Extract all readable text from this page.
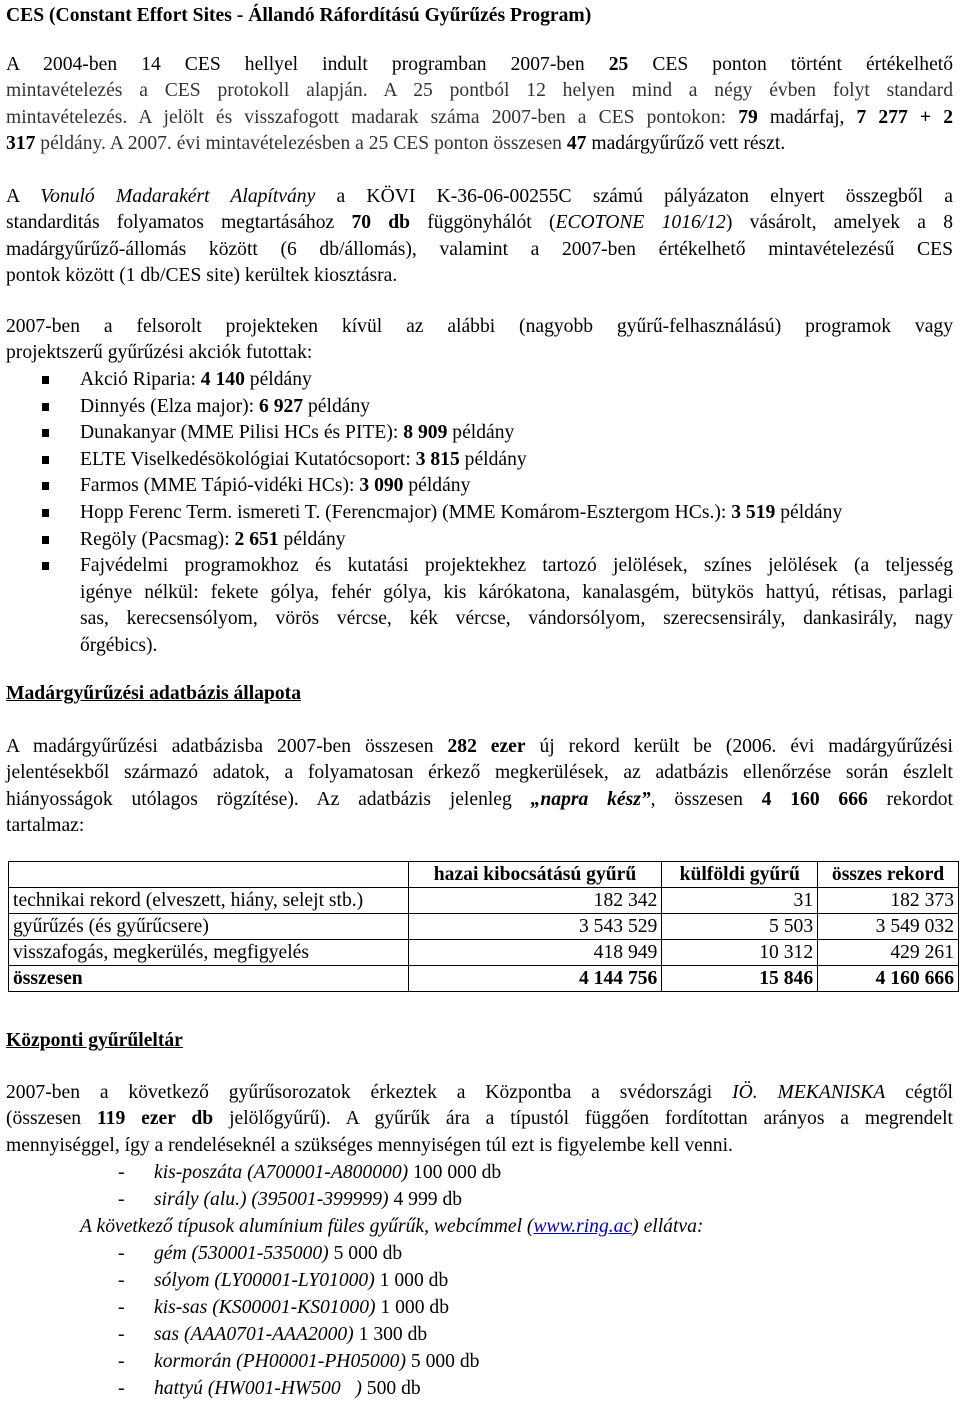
CES (Constant Effort Sites - Állandó Ráfordítású Gyűrűzés Program)
A 2004-ben 14 CES hellyel indult programban 2007-ben 25 CES ponton történt értékelhető
mintavételezés a CES protokoll alapján. A 25 pontból 12 helyen mind a négy évben folyt standard
mintavételezés. A jelölt és visszafogott madarak száma 2007-ben a CES pontokon: 79 madárfaj, 7 277 + 2
317 példány. A 2007. évi mintavételezésben a 25 CES ponton összesen 47 madárgyűrűző vett részt.
A Vonuló Madarakért Alapítvány a KÖVI K-36-06-00255C számú pályázaton elnyert összegből a
standarditás folyamatos megtartásához 70 db függönyhálót (ECOTONE 1016/12) vásárolt, amelyek a 8
madárgyűrűző-állomás között (6 db/állomás), valamint a 2007-ben értékelhető mintavételezésű CES
pontok között (1 db/CES site) kerültek kiosztásra.
2007-ben a felsorolt projekteken kívül az alábbi (nagyobb gyűrű-felhasználású) programok vagy
projektszerű gyűrűzési akciók futottak:
Akció Riparia: 4 140 példány
Dinnyés (Elza major): 6 927 példány
Dunakanyar (MME Pilisi HCs és PITE): 8 909 példány
ELTE Viselkedésökológiai Kutatócsoport: 3 815 példány
Farmos (MME Tápió-vidéki HCs): 3 090 példány
Hopp Ferenc Term. ismereti T. (Ferencmajor) (MME Komárom-Esztergom HCs.): 3 519 példány
Regöly (Pacsmag): 2 651 példány
Fajvédelmi programokhoz és kutatási projektekhez tartozó jelölések, színes jelölések (a teljesség
igénye nélkül: fekete gólya, fehér gólya, kis kárókatona, kanalasgém, bütykös hattyú, rétisas, parlagi
sas, kerecsensólyom, vörös vércse, kék vércse, vándorsólyom, szerecsensirály, dankasirály, nagy
őrgébics).
Madárgyűrűzési adatbázis állapota
A madárgyűrűzési adatbázisba 2007-ben összesen 282 ezer új rekord került be (2006. évi madárgyűrűzési
jelentésekből származó adatok, a folyamatosan érkező megkerülések, az adatbázis ellenőrzése során észlelt
hiányosságok utólagos rögzítése). Az adatbázis jelenleg „napra kész”, összesen 4 160 666 rekordot
tartalmaz:
	hazai kibocsátású gyűrű	külföldi gyűrű	összes rekord
technikai rekord (elveszett, hiány, selejt stb.)	182 342	31	182 373
gyűrűzés (és gyűrűcsere)	3 543 529	5 503	3 549 032
visszafogás, megkerülés, megfigyelés	418 949	10 312	429 261
összesen	4 144 756	15 846	4 160 666
Központi gyűrűleltár
2007-ben a következő gyűrűsorozatok érkeztek a Központba a svédországi IÖ. MEKANISKA cégtől
(összesen 119 ezer db jelölőgyűrű). A gyűrűk ára a típustól függően fordítottan arányos a megrendelt
mennyiséggel, így a rendeléseknél a szükséges mennyiségen túl ezt is figyelembe kell venni.
- kis-poszáta (A700001-A800000) 100 000 db
- sirály (alu.) (395001-399999) 4 999 db
A következő típusok alumínium füles gyűrűk, webcímmel (www.ring.ac) ellátva:
- gém (530001-535000) 5 000 db
- sólyom (LY00001-LY01000) 1 000 db
- kis-sas (KS00001-KS01000) 1 000 db
- sas (AAA0701-AAA2000) 1 300 db
- kormorán (PH00001-PH05000) 5 000 db
- hattyú (HW001-HW500   ) 500 db
